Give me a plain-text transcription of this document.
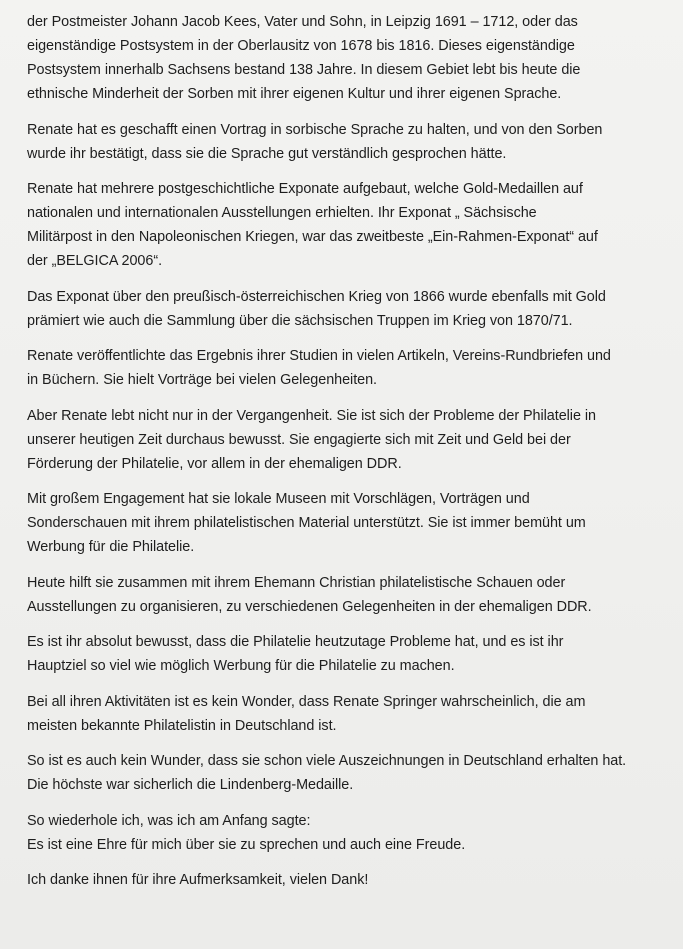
der Postmeister Johann Jacob Kees, Vater und Sohn, in Leipzig 1691 – 1712, oder das
eigenständige Postsystem in der Oberlausitz von 1678 bis 1816. Dieses eigenständige
Postsystem innerhalb Sachsens bestand 138 Jahre. In diesem Gebiet lebt bis heute die
ethnische Minderheit der Sorben mit ihrer eigenen Kultur und ihrer eigenen Sprache.

Renate hat es geschafft einen Vortrag in sorbische Sprache zu halten, und von den Sorben
wurde ihr bestätigt, dass sie die Sprache gut verständlich gesprochen hätte.

Renate hat mehrere postgeschichtliche Exponate aufgebaut, welche Gold-Medaillen auf
nationalen und internationalen Ausstellungen erhielten. Ihr Exponat „ Sächsische
Militärpost in den Napoleonischen Kriegen, war das zweitbeste „Ein-Rahmen-Exponat“ auf
der „BELGICA 2006“.

Das Exponat über den preußisch-österreichischen Krieg von 1866 wurde ebenfalls mit Gold
prämiert wie auch die Sammlung über die sächsischen Truppen im Krieg von 1870/71.

Renate veröffentlichte das Ergebnis ihrer Studien in vielen Artikeln, Vereins-Rundbriefen und
in Büchern. Sie hielt Vorträge bei vielen Gelegenheiten.

Aber Renate lebt nicht nur in der Vergangenheit. Sie ist sich der Probleme der Philatelie in
unserer heutigen Zeit durchaus bewusst. Sie engagierte sich mit Zeit und Geld bei der
Förderung der Philatelie, vor allem in der ehemaligen DDR.

Mit großem Engagement hat sie lokale Museen mit Vorschlägen, Vorträgen und
Sonderschauen mit ihrem philatelistischen Material unterstützt. Sie ist immer bemüht um
Werbung für die Philatelie.

Heute hilft sie zusammen mit ihrem Ehemann Christian philatelistische Schauen oder
Ausstellungen zu organisieren, zu verschiedenen Gelegenheiten in der ehemaligen DDR.

Es ist ihr absolut bewusst, dass die Philatelie heutzutage Probleme hat, und es ist ihr
Hauptziel so viel wie möglich Werbung für die Philatelie zu machen.

Bei all ihren Aktivitäten ist es kein Wonder, dass Renate Springer wahrscheinlich, die am
meisten bekannte Philatelistin in Deutschland ist.

So ist es auch kein Wunder, dass sie schon viele Auszeichnungen in Deutschland erhalten hat.
Die höchste war sicherlich die Lindenberg-Medaille.

So wiederhole ich, was ich am Anfang sagte:
Es ist eine Ehre für mich über sie zu sprechen und auch eine Freude.

Ich danke ihnen für ihre Aufmerksamkeit, vielen Dank!
